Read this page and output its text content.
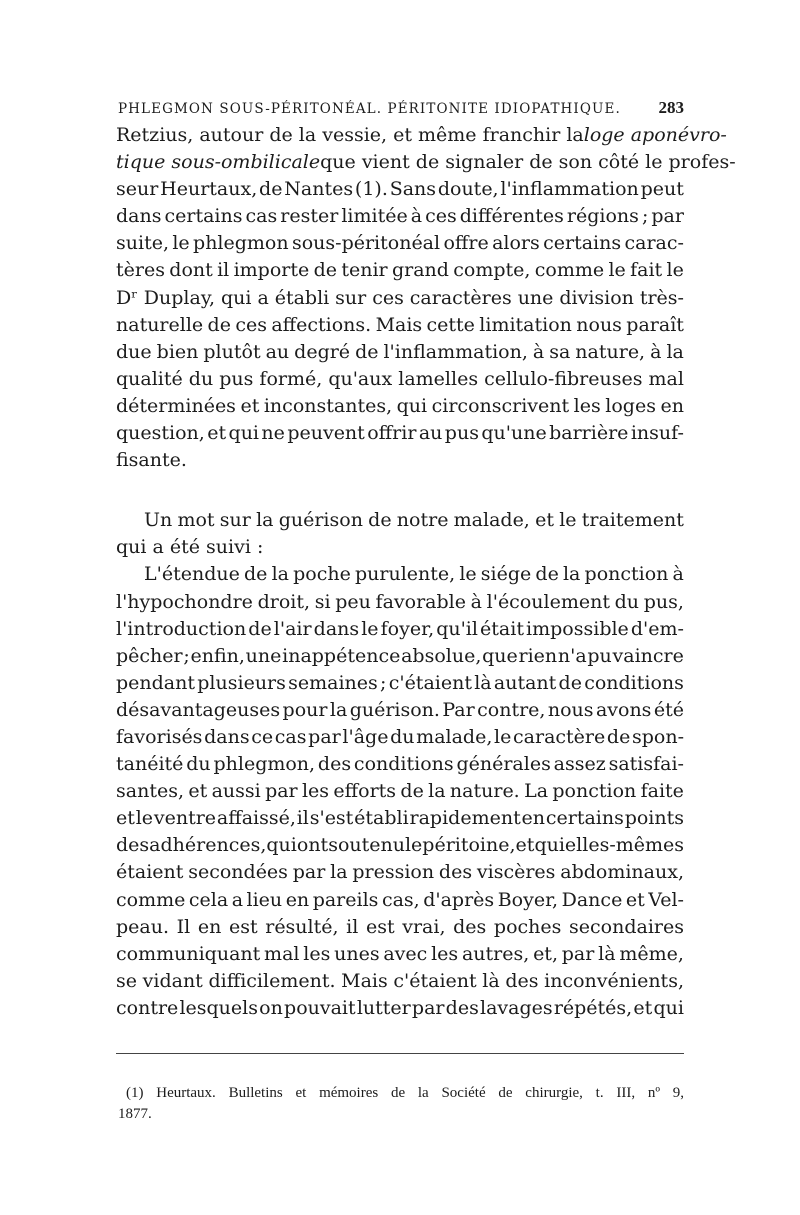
PHLEGMON SOUS-PÉRITONÉAL. PÉRITONITE IDIOPATHIQUE. 283
Retzius, autour de la vessie, et même franchir la loge aponévro-
tique sous-ombilicale que vient de signaler de son côté le profes-
seur Heurtaux, de Nantes (1). Sans doute, l'inflammation peut
dans certains cas rester limitée à ces différentes régions ; par
suite, le phlegmon sous-péritonéal offre alors certains carac-
tères dont il importe de tenir grand compte, comme le fait le
Dʳ Duplay, qui a établi sur ces caractères une division très-
naturelle de ces affections. Mais cette limitation nous paraît
due bien plutôt au degré de l'inflammation, à sa nature, à la
qualité du pus formé, qu'aux lamelles cellulo-fibreuses mal
déterminées et inconstantes, qui circonscrivent les loges en
question, et qui ne peuvent offrir au pus qu'une barrière insuf-
fisante.
Un mot sur la guérison de notre malade, et le traitement
qui a été suivi :
L'étendue de la poche purulente, le siége de la ponction à
l'hypochondre droit, si peu favorable à l'écoulement du pus,
l'introduction de l'air dans le foyer, qu'il était impossible d'em-
pêcher ; enfin, une inappétence absolue, que rien n'a pu vaincre
pendant plusieurs semaines ; c'étaient là autant de conditions
désavantageuses pour la guérison. Par contre, nous avons été
favorisés dans ce cas par l'âge du malade, le caractère de spon-
tanéité du phlegmon, des conditions générales assez satisfai-
santes, et aussi par les efforts de la nature. La ponction faite
et le ventre affaissé, il s'est établi rapidement en certains points
des adhérences, qui ont soutenu le péritoine, et qui elles-mêmes
étaient secondées par la pression des viscères abdominaux,
comme cela a lieu en pareils cas, d'après Boyer, Dance et Vel-
peau. Il en est résulté, il est vrai, des poches secondaires
communiquant mal les unes avec les autres, et, par là même,
se vidant difficilement. Mais c'étaient là des inconvénients,
contre lesquels on pouvait lutter par des lavages répétés, et qui
(1) Heurtaux. Bulletins et mémoires de la Société de chirurgie, t. III, nº 9,
1877.
